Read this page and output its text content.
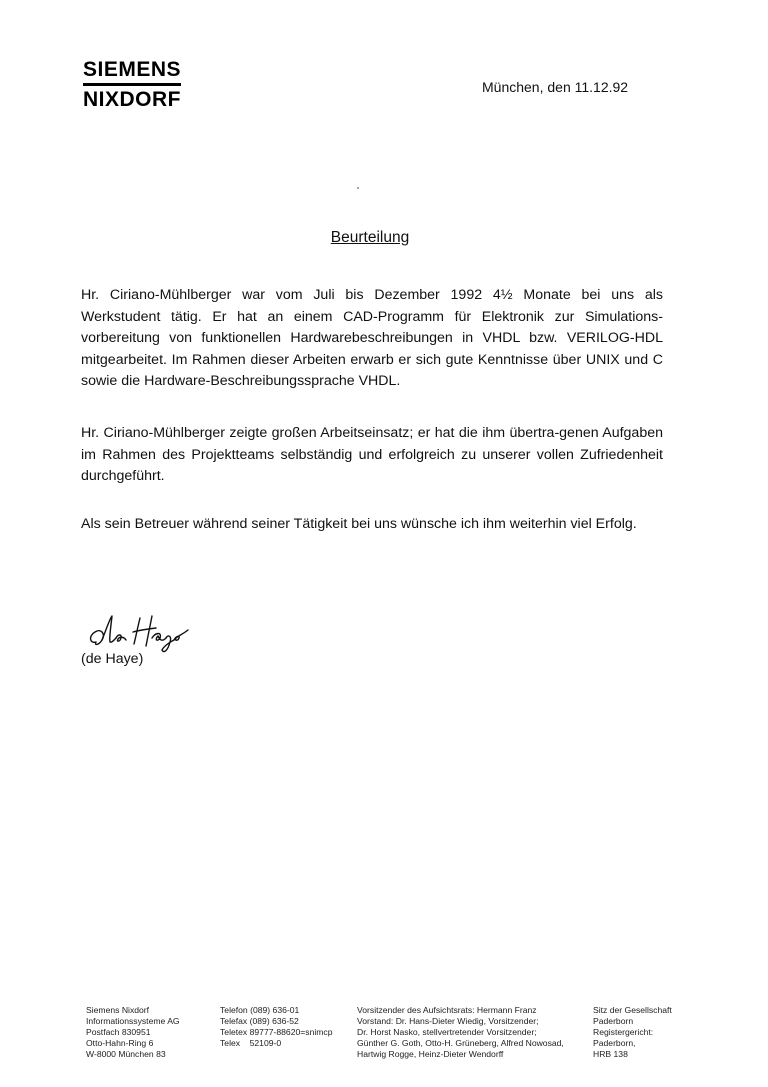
SIEMENS
NIXDORF
München, den 11.12.92
Beurteilung

Hr. Ciriano-Mühlberger war vom Juli bis Dezember 1992 4½ Monate bei uns als Werkstudent tätig. Er hat an einem CAD-Programm für Elektronik zur Simulations-vorbereitung von funktionellen Hardwarebeschreibungen in VHDL bzw. VERILOG-HDL mitgearbeitet. Im Rahmen dieser Arbeiten erwarb er sich gute Kenntnisse über UNIX und C sowie die Hardware-Beschreibungssprache VHDL.

Hr. Ciriano-Mühlberger zeigte großen Arbeitseinsatz; er hat die ihm übertra-genen Aufgaben im Rahmen des Projektteams selbständig und erfolgreich zu unserer vollen Zufriedenheit durchgeführt.

Als sein Betreuer während seiner Tätigkeit bei uns wünsche ich ihm weiterhin viel Erfolg.

(de Haye)
Siemens Nixdorf
Informationssysteme AG
Postfach 830951
Otto-Hahn-Ring 6
W-8000 München 83
Telefon (089) 636-01
Telefax (089) 636-52
Teletex 89777-88620=snimcp
Telex    52109-0
Vorsitzender des Aufsichtsrats: Hermann Franz
Vorstand: Dr. Hans-Dieter Wiedig, Vorsitzender;
Dr. Horst Nasko, stellvertretender Vorsitzender;
Günther G. Goth, Otto-H. Grüneberg, Alfred Nowosad,
Hartwig Rogge, Heinz-Dieter Wendorff
Sitz der Gesellschaft
Paderborn
Registergericht:
Paderborn,
HRB 138
